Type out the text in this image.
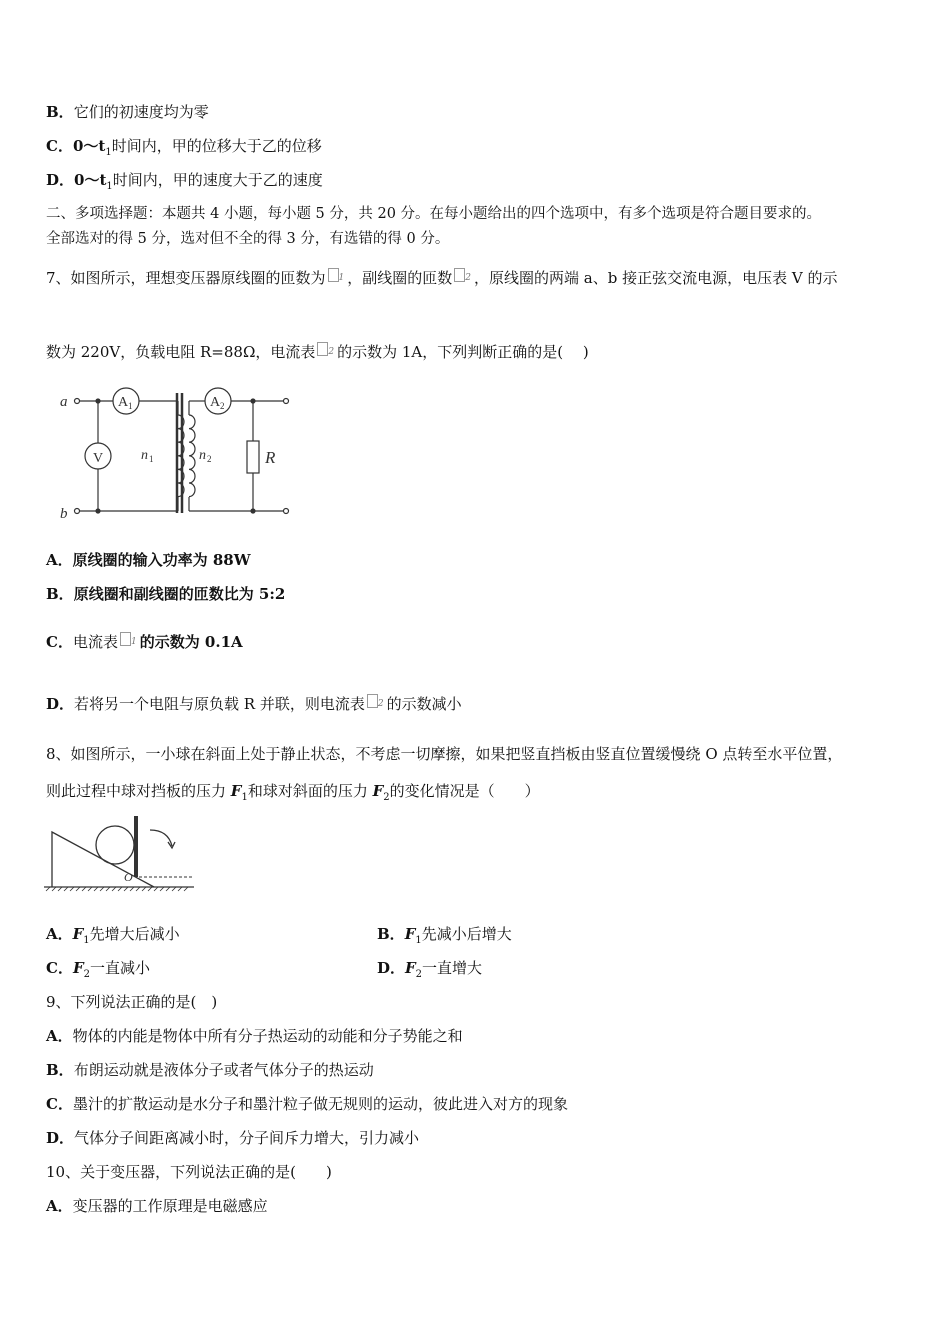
B．它们的初速度均为零
C．$0\sim t_1$时间内，甲的位移大于乙的位移
D．$0\sim t_1$时间内，甲的速度大于乙的速度
二、多项选择题：本题共 4 小题，每小题 5 分，共 20 分。在每小题给出的四个选项中，有多个选项是符合题目要求的。
全部选对的得 5 分，选对但不全的得 3 分，有选错的得 0 分。
7、如图所示，理想变压器原线圈的匝数为 $^1$ ，副线圈的匝数 $^2$ ，原线圈的两端 a、b 接正弦交流电源，电压表 V 的示
数为 220V，负载电阻 R=88Ω，电流表 $^2$ 的示数为 1A，下列判断正确的是(　 )
a
b
V
A 1	A 2
n 1	n 2	R
A．原线圈的输入功率为 88W
B．原线圈和副线圈的匝数比为 5:2
C．电流表 $^1$ 的示数为 0.1A
D．若将另一个电阻与原负载 R 并联，则电流表 $^2$ 的示数减小
8、如图所示，一小球在斜面上处于静止状态，不考虑一切摩擦，如果把竖直挡板由竖直位置缓慢绕 O 点转至水平位置，
则此过程中球对挡板的压力 $F_1$和球对斜面的压力 $F_2$的变化情况是（　　）
O
A．$F_1$先增大后减小	B．$F_1$先减小后增大
C．$F_2$一直减小	D．$F_2$一直增大
9、下列说法正确的是(　)
A．物体的内能是物体中所有分子热运动的动能和分子势能之和
B．布朗运动就是液体分子或者气体分子的热运动
C．墨汁的扩散运动是水分子和墨汁粒子做无规则的运动，彼此进入对方的现象
D．气体分子间距离减小时，分子间斥力增大，引力减小
10、关于变压器，下列说法正确的是(　　)
A．变压器的工作原理是电磁感应
